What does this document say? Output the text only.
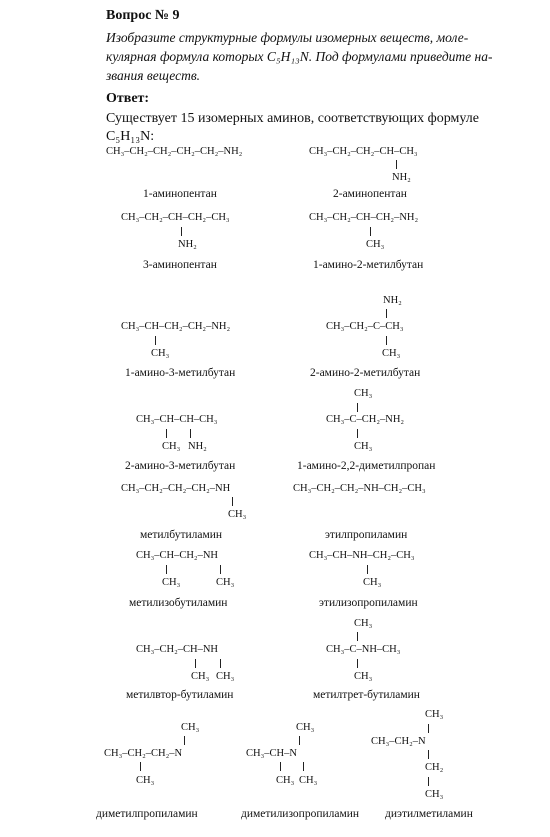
Вопрос № 9
Изобразите структурные формулы изомерных веществ, моле-кулярная формула которых C₅H₁₃N. Под формулами приведите на-звания веществ.
Ответ:
Существует 15 изомерных аминов, соответствующих формуле C₅H₁₃N:
CH₃–CH₂–CH₂–CH₂–CH₂–NH₂
1-аминопентан
CH₃–CH₂–CH₂–CH–CH₃
NH₂
2-аминопентан
CH₃–CH₂–CH–CH₂–CH₃
NH₂
3-аминопентан
CH₃–CH₂–CH–CH₂–NH₂
CH₃
1-амино-2-метилбутан
CH₃–CH–CH₂–CH₂–NH₂
CH₃
1-амино-3-метилбутан
NH₂
CH₃–CH₂–C–CH₃
CH₃
2-амино-2-метилбутан
CH₃–CH–CH–CH₃
CH₃ NH₂
2-амино-3-метилбутан
CH₃
CH₃–C–CH₂–NH₂
CH₃
1-амино-2,2-диметилпропан
CH₃–CH₂–CH₂–CH₂–NH
CH₃
метилбутиламин
CH₃–CH₂–CH₂–NH–CH₂–CH₃
этилпропиламин
CH₃–CH–CH₂–NH
CH₃	CH₃
метилизобутиламин
CH₃–CH–NH–CH₂–CH₃
CH₃
этилизопропиламин
CH₃–CH₂–CH–NH
CH₃ CH₃
метилвтор-бутиламин
CH₃
CH₃–C–NH–CH₃
CH₃
метилтрет-бутиламин
CH₃
CH₃–CH₂–CH₂–N
CH₃
диметилпропиламин
CH₃
CH₃–CH–N
CH₃ CH₃
диметилизопропиламин
CH₃
CH₃–CH₂–N
CH₂
CH₃
диэтилметиламин
